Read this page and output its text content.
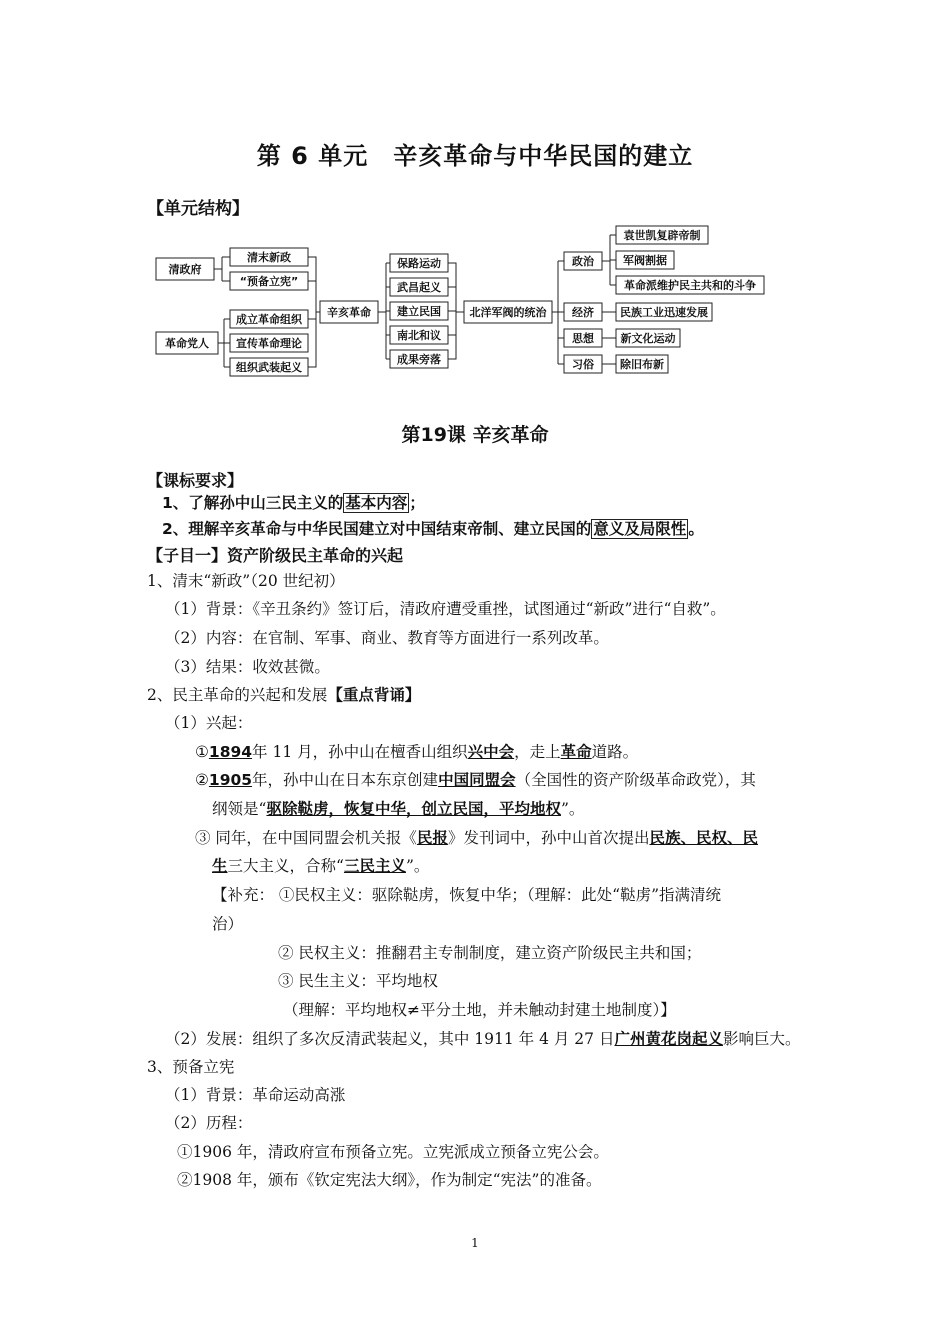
第 6 单元　辛亥革命与中华民国的建立
【单元结构】
清政府
清末新政
“预备立宪”
革命党人
成立革命组织
宣传革命理论
组织武装起义
辛亥革命
保路运动
武昌起义
建立民国
南北和议
成果旁落
北洋军阀的统治
政治
经济
思想
习俗
袁世凯复辟帝制
军阀割据
革命派维护民主共和的斗争
民族工业迅速发展
新文化运动
除旧布新
第19课 辛亥革命
【课标要求】
1、了解孙中山三民主义的 基本内容 ；
2、理解辛亥革命与中华民国建立对中国结束帝制、建立民国的 意义及局限性 。
【子目一】资产阶级民主革命的兴起
1、清末“新政”（20 世纪初）
（1）背景：《辛丑条约》签订后，清政府遭受重挫，试图通过“新政”进行“自救”。
（2）内容：在官制、军事、商业、教育等方面进行一系列改革。
（3）结果：收效甚微。
2、民主革命的兴起和发展【重点背诵】
（1）兴起：
①1894年 11 月，孙中山在檀香山组织兴中会，走上革命道路。
②1905年，孙中山在日本东京创建中国同盟会（全国性的资产阶级革命政党），其
纲领是“驱除鞑虏，恢复中华，创立民国，平均地权”。
③ 同年，在中国同盟会机关报《民报》发刊词中，孙中山首次提出民族、民权、民
生三大主义，合称“三民主义”。
【补充： ①民权主义：驱除鞑虏，恢复中华；（理解：此处“鞑虏”指满清统
治）
② 民权主义：推翻君主专制制度，建立资产阶级民主共和国；
③ 民生主义：平均地权
（理解：平均地权≠平分土地，并未触动封建土地制度）】
（2）发展：组织了多次反清武装起义，其中 1911 年 4 月 27 日广州黄花岗起义影响巨大。
3、预备立宪
（1）背景：革命运动高涨
（2）历程：
①1906 年，清政府宣布预备立宪。立宪派成立预备立宪公会。
②1908 年，颁布《钦定宪法大纲》，作为制定“宪法”的准备。
1
